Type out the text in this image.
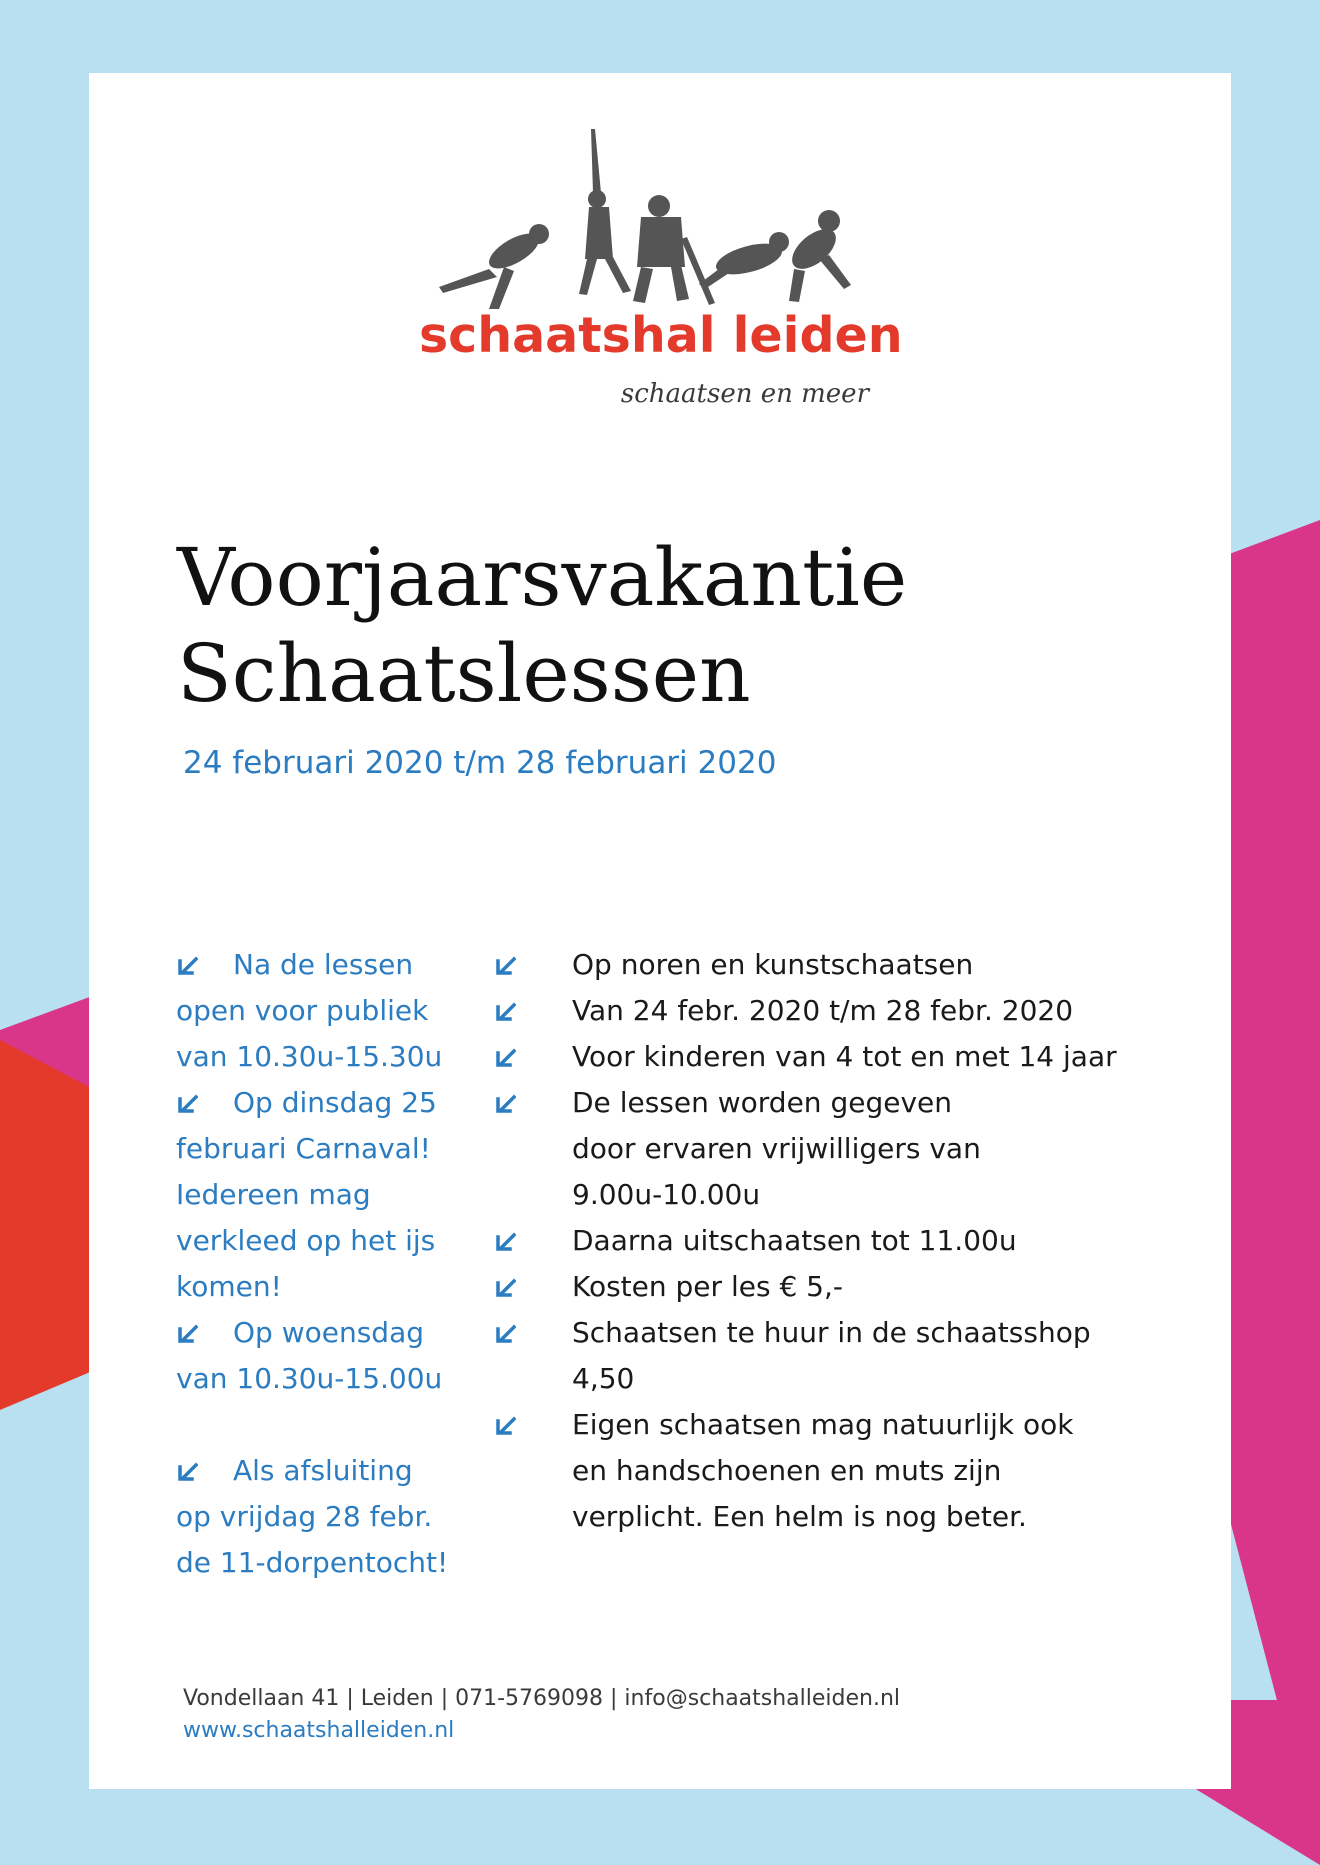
schaatshal leiden
schaatsen en meer
Voorjaarsvakantie
Schaatslessen
24 februari 2020 t/m 28 februari 2020
Na de lessen
open voor publiek
van 10.30u-15.30u
Op dinsdag 25
februari Carnaval!
Iedereen mag
verkleed op het ijs
komen!
Op woensdag
van 10.30u-15.00u
Als afsluiting
op vrijdag 28 febr.
de 11-dorpentocht!
Op noren en kunstschaatsen
Van 24 febr. 2020 t/m 28 febr. 2020
Voor kinderen van 4 tot en met 14 jaar
De lessen worden gegeven
door ervaren vrijwilligers van
9.00u-10.00u
Daarna uitschaatsen tot 11.00u
Kosten per les € 5,-
Schaatsen te huur in de schaatsshop
4,50
Eigen schaatsen mag natuurlijk ook
en handschoenen en muts zijn
verplicht. Een helm is nog beter.
Vondellaan 41 | Leiden | 071-5769098 | info@schaatshalleiden.nl
www.schaatshalleiden.nl
